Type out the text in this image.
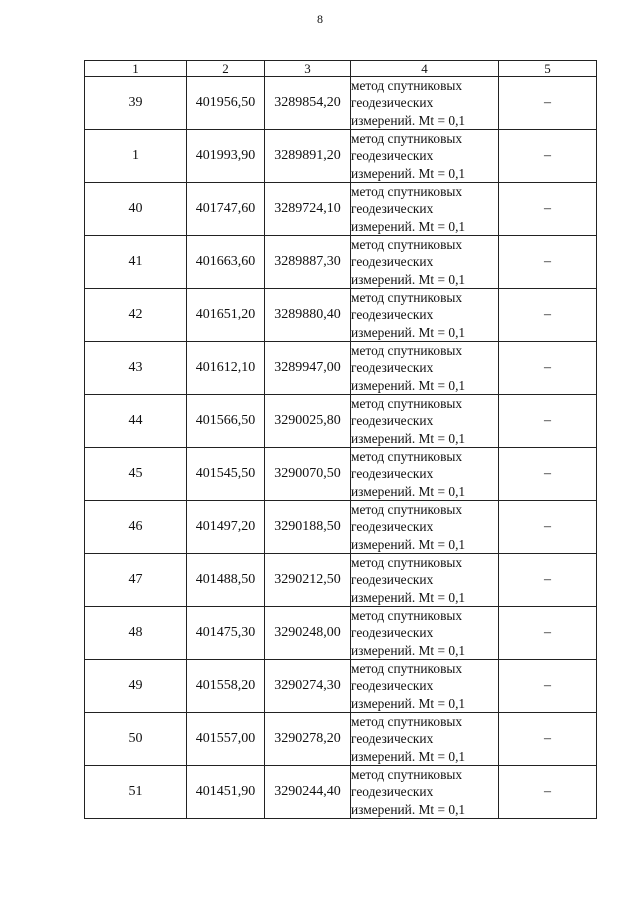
8
1	2	3	4	5
39	401956,50	3289854,20	метод спутниковых
геодезических
измерений. Mt = 0,1	–
1	401993,90	3289891,20	метод спутниковых
геодезических
измерений. Mt = 0,1	–
40	401747,60	3289724,10	метод спутниковых
геодезических
измерений. Mt = 0,1	–
41	401663,60	3289887,30	метод спутниковых
геодезических
измерений. Mt = 0,1	–
42	401651,20	3289880,40	метод спутниковых
геодезических
измерений. Mt = 0,1	–
43	401612,10	3289947,00	метод спутниковых
геодезических
измерений. Mt = 0,1	–
44	401566,50	3290025,80	метод спутниковых
геодезических
измерений. Mt = 0,1	–
45	401545,50	3290070,50	метод спутниковых
геодезических
измерений. Mt = 0,1	–
46	401497,20	3290188,50	метод спутниковых
геодезических
измерений. Mt = 0,1	–
47	401488,50	3290212,50	метод спутниковых
геодезических
измерений. Mt = 0,1	–
48	401475,30	3290248,00	метод спутниковых
геодезических
измерений. Mt = 0,1	–
49	401558,20	3290274,30	метод спутниковых
геодезических
измерений. Mt = 0,1	–
50	401557,00	3290278,20	метод спутниковых
геодезических
измерений. Mt = 0,1	–
51	401451,90	3290244,40	метод спутниковых
геодезических
измерений. Mt = 0,1	–
